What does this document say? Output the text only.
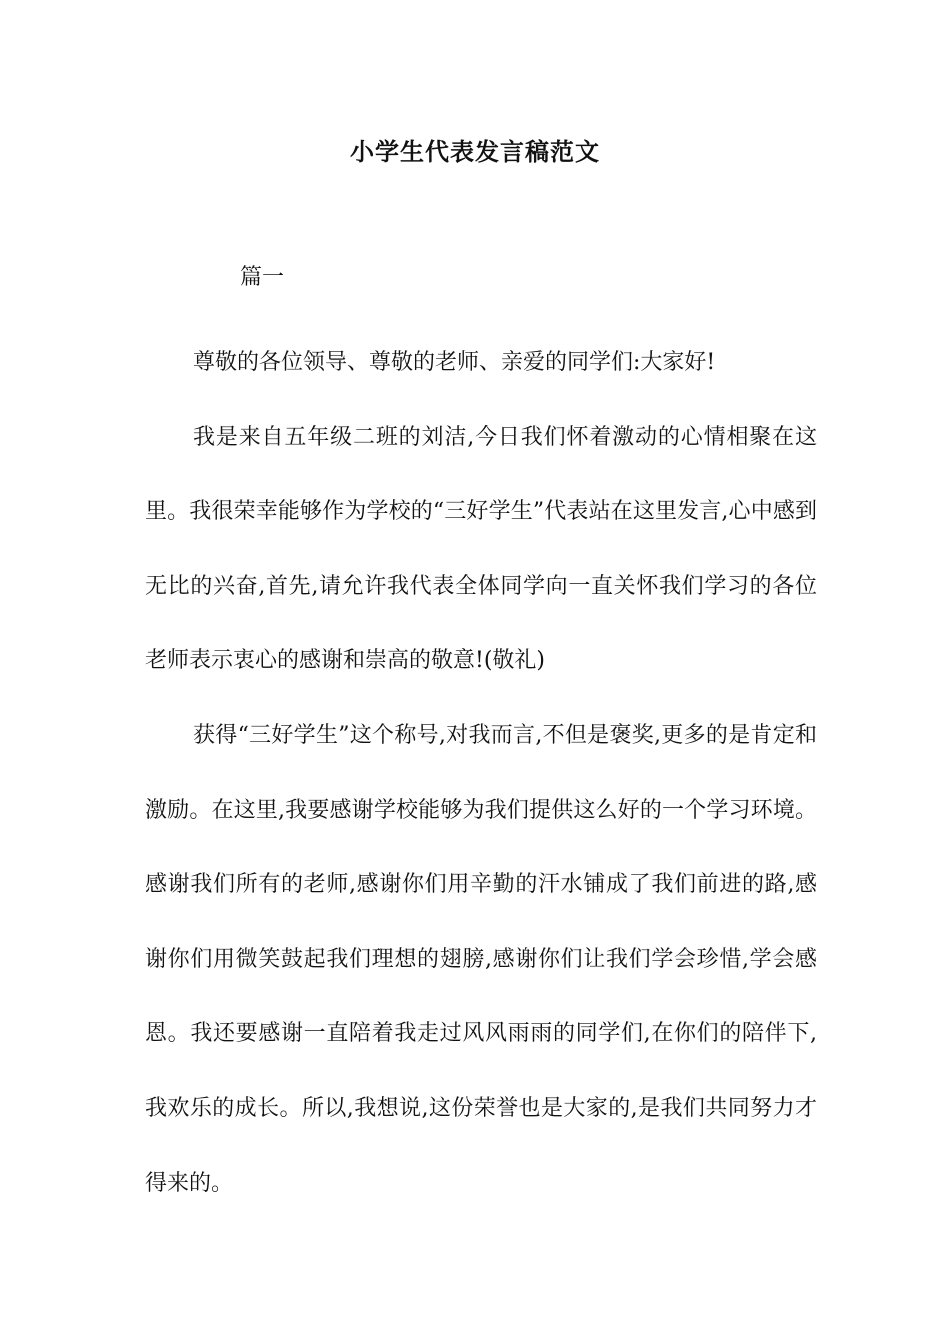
小学生代表发言稿范文
篇一

尊敬的各位领导、尊敬的老师、亲爱的同学们:大家好!

我是来自五年级二班的刘洁,今日我们怀着激动的心情相聚在这里。我很荣幸能够作为学校的“三好学生”代表站在这里发言,心中感到无比的兴奋,首先,请允许我代表全体同学向一直关怀我们学习的各位老师表示衷心的感谢和崇高的敬意!(敬礼)

获得“三好学生”这个称号,对我而言,不但是褒奖,更多的是肯定和激励。在这里,我要感谢学校能够为我们提供这么好的一个学习环境。感谢我们所有的老师,感谢你们用辛勤的汗水铺成了我们前进的路,感谢你们用微笑鼓起我们理想的翅膀,感谢你们让我们学会珍惜,学会感恩。我还要感谢一直陪着我走过风风雨雨的同学们,在你们的陪伴下,我欢乐的成长。所以,我想说,这份荣誉也是大家的,是我们共同努力才得来的。
